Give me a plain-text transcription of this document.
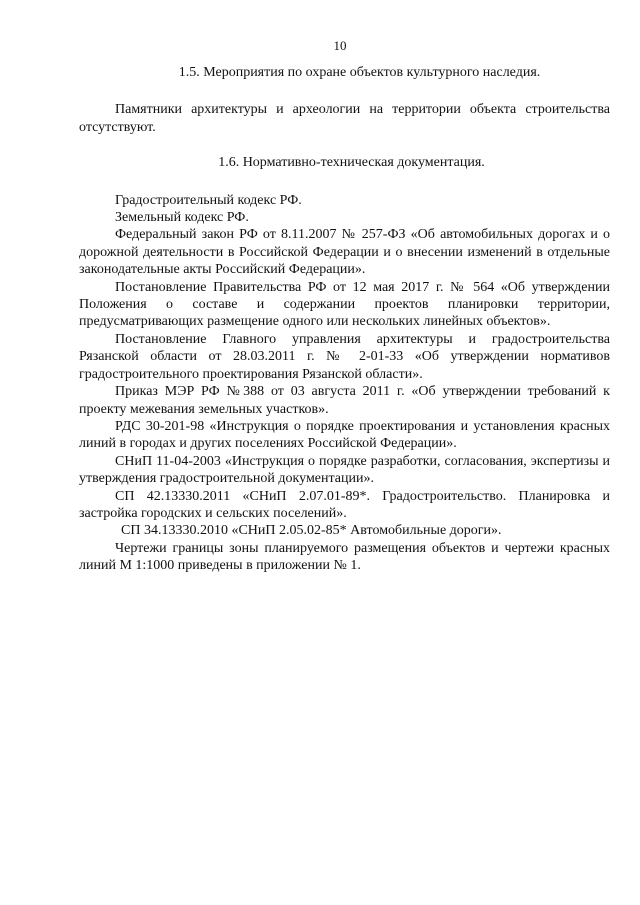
10

1.5. Мероприятия по охране объектов культурного наследия.

Памятники архитектуры и археологии на территории объекта строительства отсутствуют.

1.6. Нормативно-техническая документация.

Градостроительный кодекс РФ.

Земельный кодекс РФ.

Федеральный закон РФ от 8.11.2007 № 257-ФЗ «Об автомобильных дорогах и о дорожной деятельности в Российской Федерации и о внесении изменений в отдельные законодательные акты Российский Федерации».

Постановление Правительства РФ от 12 мая 2017 г. № 564 «Об утверждении Положения о составе и содержании проектов планировки территории, предусматривающих размещение одного или нескольких линейных объектов».

Постановление Главного управления архитектуры и градостроительства Рязанской области от 28.03.2011 г. № 2-01-33 «Об утверждении нормативов градостроительного проектирования Рязанской области».

Приказ МЭР РФ №388 от 03 августа 2011 г. «Об утверждении требований к проекту межевания земельных участков».

РДС 30-201-98 «Инструкция о порядке проектирования и установления красных линий в городах и других поселениях Российской Федерации».

СНиП 11-04-2003 «Инструкция о порядке разработки, согласования, экспертизы и утверждения градостроительной документации».

СП 42.13330.2011 «СНиП 2.07.01-89*. Градостроительство. Планировка и застройка городских и сельских поселений».

СП 34.13330.2010 «СНиП 2.05.02-85* Автомобильные дороги».

Чертежи границы зоны планируемого размещения объектов и чертежи красных линий М 1:1000 приведены в приложении № 1.
